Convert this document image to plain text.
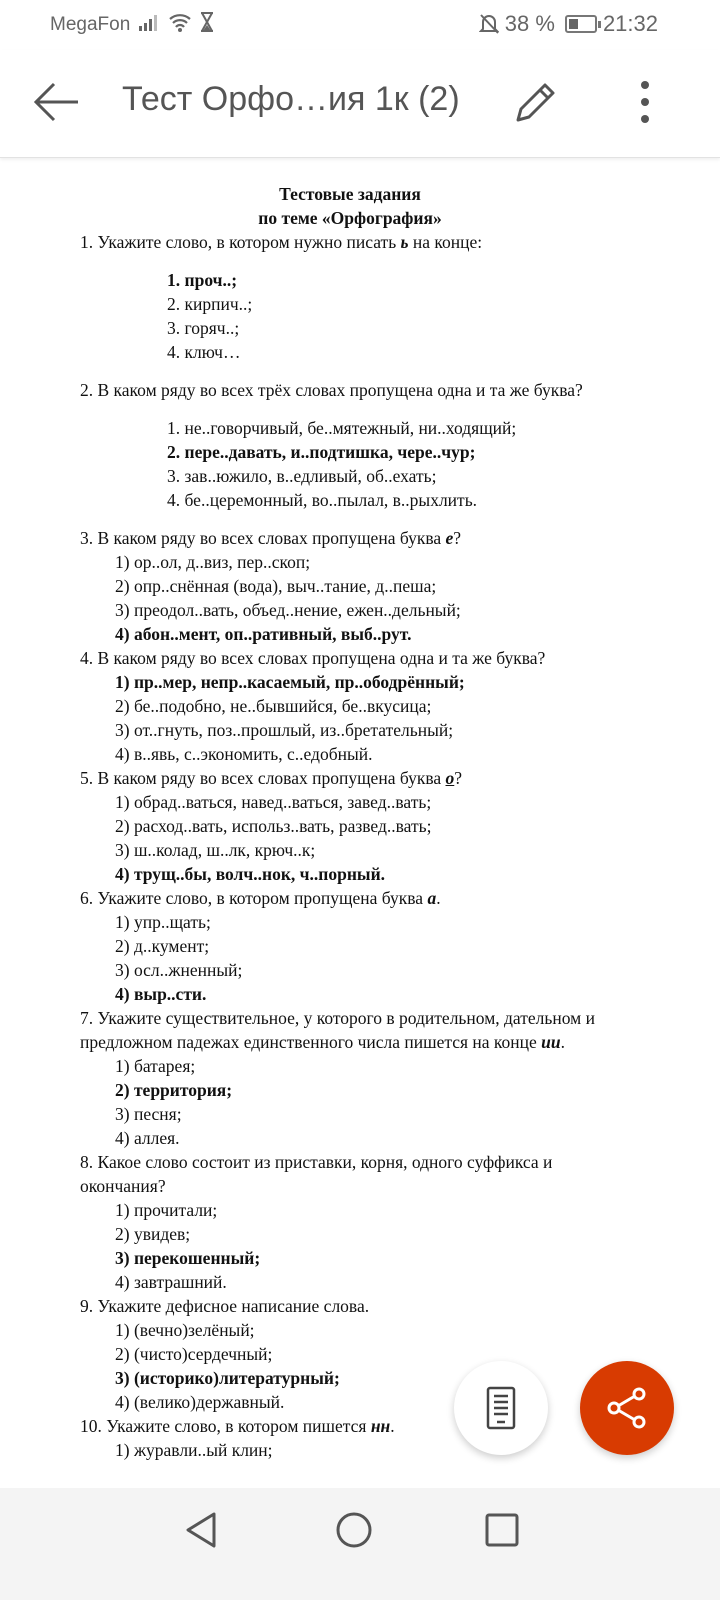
MegaFon	38 % 21:32
Тест Орфо…ия 1к (2)
Тестовые задания
по теме «Орфография»
1. Укажите слово, в котором нужно писать ь на конце:
1. проч..;
2. кирпич..;
3. горяч..;
4. ключ…
2. В каком ряду во всех трёх словах пропущена одна и та же буква?
1. не..говорчивый, бе..мятежный, ни..ходящий;
2. пере..давать, и..подтишка, чере..чур;
3. зав..южило, в..едливый, об..ехать;
4. бе..церемонный, во..пылал, в..рыхлить.
3. В каком ряду во всех словах пропущена буква е?
1) ор..ол, д..виз, пер..скоп;
2) опр..снённая (вода), выч..тание, д..пеша;
3) преодол..вать, объед..нение, ежен..дельный;
4) абон..мент, оп..ративный, выб..рут.
4. В каком ряду во всех словах пропущена одна и та же буква?
1) пр..мер, непр..касаемый, пр..ободрённый;
2) бе..подобно, не..бывшийся, бе..вкусица;
3) от..гнуть, поз..прошлый, из..бретательный;
4) в..явь, с..экономить, с..едобный.
5. В каком ряду во всех словах пропущена буква о?
1) обрад..ваться, навед..ваться, завед..вать;
2) расход..вать, использ..вать, развед..вать;
3) ш..колад, ш..лк, крюч..к;
4) трущ..бы, волч..нок, ч..порный.
6. Укажите слово, в котором пропущена буква а.
1) упр..щать;
2) д..кумент;
3) осл..жненный;
4) выр..сти.
7. Укажите существительное, у которого в родительном, дательном и
предложном падежах единственного числа пишется на конце ии.
1) батарея;
2) территория;
3) песня;
4) аллея.
8. Какое слово состоит из приставки, корня, одного суффикса и
окончания?
1) прочитали;
2) увидев;
3) перекошенный;
4) завтрашний.
9. Укажите дефисное написание слова.
1) (вечно)зелёный;
2) (чисто)сердечный;
3) (историко)литературный;
4) (велико)державный.
10. Укажите слово, в котором пишется нн.
1) журавли..ый клин;
